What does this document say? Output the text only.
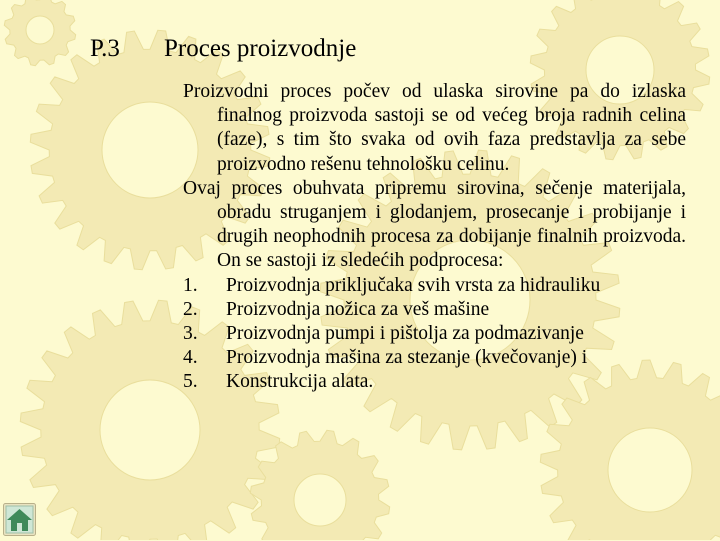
P.3 Proces proizvodnje
Proizvodni proces počev od ulaska sirovine pa do izlaska finalnog proizvoda sastoji se od većeg broja radnih celina (faze), s tim što svaka od ovih faza predstavlja za sebe proizvodno rešenu tehnološku celinu.
Ovaj proces obuhvata pripremu sirovina, sečenje materijala, obradu struganjem i glodanjem, prosecanje i probijanje i drugih neophodnih procesa za dobijanje finalnih proizvoda. On se sastoji iz sledećih podprocesa:
1.	Proizvodnja priključaka svih vrsta za hidrauliku
2.	Proizvodnja nožica za veš mašine
3.	Proizvodnja pumpi i pištolja za podmazivanje
4.	Proizvodnja mašina za stezanje (kvečovanje) i
5.	Konstrukcija alata.
